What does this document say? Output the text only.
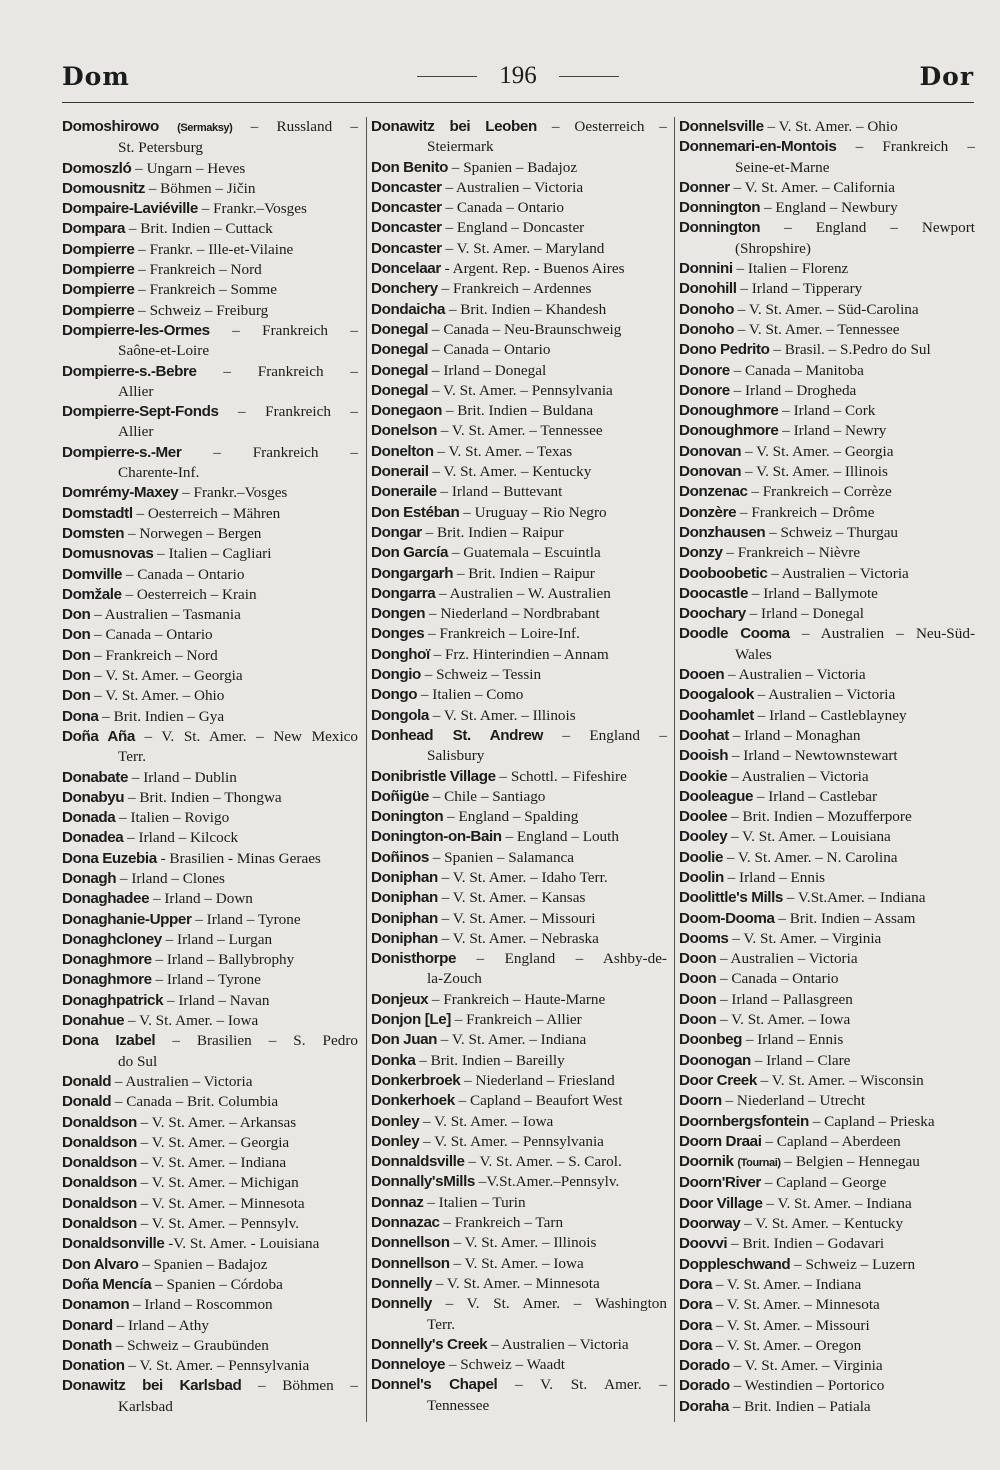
Dom	196	Dor
Domoshirowo (Sermaksy) – Russland –
St. Petersburg
Domoszló – Ungarn – Heves
Domousnitz – Böhmen – Jičin
Dompaire-Laviéville – Frankr.–Vosges
Dompara – Brit. Indien – Cuttack
Dompierre – Frankr. – Ille-et-Vilaine
Dompierre – Frankreich – Nord
Dompierre – Frankreich – Somme
Dompierre – Schweiz – Freiburg
Dompierre-les-Ormes – Frankreich –
Saône-et-Loire
Dompierre-s.-Bebre – Frankreich –
Allier
Dompierre-Sept-Fonds – Frankreich –
Allier
Dompierre-s.-Mer – Frankreich –
Charente-Inf.
Domrémy-Maxey – Frankr.–Vosges
Domstadtl – Oesterreich – Mähren
Domsten – Norwegen – Bergen
Domusnovas – Italien – Cagliari
Domville – Canada – Ontario
Domžale – Oesterreich – Krain
Don – Australien – Tasmania
Don – Canada – Ontario
Don – Frankreich – Nord
Don – V. St. Amer. – Georgia
Don – V. St. Amer. – Ohio
Dona – Brit. Indien – Gya
Doña Aña – V. St. Amer. – New Mexico
Terr.
Donabate – Irland – Dublin
Donabyu – Brit. Indien – Thongwa
Donada – Italien – Rovigo
Donadea – Irland – Kilcock
Dona Euzebia - Brasilien - Minas Geraes
Donagh – Irland – Clones
Donaghadee – Irland – Down
Donaghanie-Upper – Irland – Tyrone
Donaghcloney – Irland – Lurgan
Donaghmore – Irland – Ballybrophy
Donaghmore – Irland – Tyrone
Donaghpatrick – Irland – Navan
Donahue – V. St. Amer. – Iowa
Dona Izabel – Brasilien – S. Pedro
do Sul
Donald – Australien – Victoria
Donald – Canada – Brit. Columbia
Donaldson – V. St. Amer. – Arkansas
Donaldson – V. St. Amer. – Georgia
Donaldson – V. St. Amer. – Indiana
Donaldson – V. St. Amer. – Michigan
Donaldson – V. St. Amer. – Minnesota
Donaldson – V. St. Amer. – Pennsylv.
Donaldsonville -V. St. Amer. - Louisiana
Don Alvaro – Spanien – Badajoz
Doña Mencía – Spanien – Córdoba
Donamon – Irland – Roscommon
Donard – Irland – Athy
Donath – Schweiz – Graubünden
Donation – V. St. Amer. – Pennsylvania
Donawitz bei Karlsbad – Böhmen –
Karlsbad
Donawitz bei Leoben – Oesterreich –
Steiermark
Don Benito – Spanien – Badajoz
Doncaster – Australien – Victoria
Doncaster – Canada – Ontario
Doncaster – England – Doncaster
Doncaster – V. St. Amer. – Maryland
Doncelaar - Argent. Rep. - Buenos Aires
Donchery – Frankreich – Ardennes
Dondaicha – Brit. Indien – Khandesh
Donegal – Canada – Neu-Braunschweig
Donegal – Canada – Ontario
Donegal – Irland – Donegal
Donegal – V. St. Amer. – Pennsylvania
Donegaon – Brit. Indien – Buldana
Donelson – V. St. Amer. – Tennessee
Donelton – V. St. Amer. – Texas
Donerail – V. St. Amer. – Kentucky
Doneraile – Irland – Buttevant
Don Estéban – Uruguay – Rio Negro
Dongar – Brit. Indien – Raipur
Don García – Guatemala – Escuintla
Dongargarh – Brit. Indien – Raipur
Dongarra – Australien – W. Australien
Dongen – Niederland – Nordbrabant
Donges – Frankreich – Loire-Inf.
Donghoï – Frz. Hinterindien – Annam
Dongio – Schweiz – Tessin
Dongo – Italien – Como
Dongola – V. St. Amer. – Illinois
Donhead St. Andrew – England –
Salisbury
Donibristle Village – Schottl. – Fifeshire
Doñigüe – Chile – Santiago
Donington – England – Spalding
Donington-on-Bain – England – Louth
Doñinos – Spanien – Salamanca
Doniphan – V. St. Amer. – Idaho Terr.
Doniphan – V. St. Amer. – Kansas
Doniphan – V. St. Amer. – Missouri
Doniphan – V. St. Amer. – Nebraska
Donisthorpe – England – Ashby-de-
la-Zouch
Donjeux – Frankreich – Haute-Marne
Donjon [Le] – Frankreich – Allier
Don Juan – V. St. Amer. – Indiana
Donka – Brit. Indien – Bareilly
Donkerbroek – Niederland – Friesland
Donkerhoek – Capland – Beaufort West
Donley – V. St. Amer. – Iowa
Donley – V. St. Amer. – Pennsylvania
Donnaldsville – V. St. Amer. – S. Carol.
Donnally'sMills –V.St.Amer.–Pennsylv.
Donnaz – Italien – Turin
Donnazac – Frankreich – Tarn
Donnellson – V. St. Amer. – Illinois
Donnellson – V. St. Amer. – Iowa
Donnelly – V. St. Amer. – Minnesota
Donnelly – V. St. Amer. – Washington
Terr.
Donnelly's Creek – Australien – Victoria
Donneloye – Schweiz – Waadt
Donnel's Chapel – V. St. Amer. –
Tennessee
Donnelsville – V. St. Amer. – Ohio
Donnemari-en-Montois – Frankreich –
Seine-et-Marne
Donner – V. St. Amer. – California
Donnington – England – Newbury
Donnington – England – Newport
(Shropshire)
Donnini – Italien – Florenz
Donohill – Irland – Tipperary
Donoho – V. St. Amer. – Süd-Carolina
Donoho – V. St. Amer. – Tennessee
Dono Pedrito – Brasil. – S.Pedro do Sul
Donore – Canada – Manitoba
Donore – Irland – Drogheda
Donoughmore – Irland – Cork
Donoughmore – Irland – Newry
Donovan – V. St. Amer. – Georgia
Donovan – V. St. Amer. – Illinois
Donzenac – Frankreich – Corrèze
Donzère – Frankreich – Drôme
Donzhausen – Schweiz – Thurgau
Donzy – Frankreich – Nièvre
Dooboobetic – Australien – Victoria
Doocastle – Irland – Ballymote
Doochary – Irland – Donegal
Doodle Cooma – Australien – Neu-Süd-
Wales
Dooen – Australien – Victoria
Doogalook – Australien – Victoria
Doohamlet – Irland – Castleblayney
Doohat – Irland – Monaghan
Dooish – Irland – Newtownstewart
Dookie – Australien – Victoria
Dooleague – Irland – Castlebar
Doolee – Brit. Indien – Mozufferpore
Dooley – V. St. Amer. – Louisiana
Doolie – V. St. Amer. – N. Carolina
Doolin – Irland – Ennis
Doolittle's Mills – V.St.Amer. – Indiana
Doom-Dooma – Brit. Indien – Assam
Dooms – V. St. Amer. – Virginia
Doon – Australien – Victoria
Doon – Canada – Ontario
Doon – Irland – Pallasgreen
Doon – V. St. Amer. – Iowa
Doonbeg – Irland – Ennis
Doonogan – Irland – Clare
Door Creek – V. St. Amer. – Wisconsin
Doorn – Niederland – Utrecht
Doornbergsfontein – Capland – Prieska
Doorn Draai – Capland – Aberdeen
Doornik (Tournai) – Belgien – Hennegau
Doorn'River – Capland – George
Door Village – V. St. Amer. – Indiana
Doorway – V. St. Amer. – Kentucky
Doovvi – Brit. Indien – Godavari
Doppleschwand – Schweiz – Luzern
Dora – V. St. Amer. – Indiana
Dora – V. St. Amer. – Minnesota
Dora – V. St. Amer. – Missouri
Dora – V. St. Amer. – Oregon
Dorado – V. St. Amer. – Virginia
Dorado – Westindien – Portorico
Doraha – Brit. Indien – Patiala
